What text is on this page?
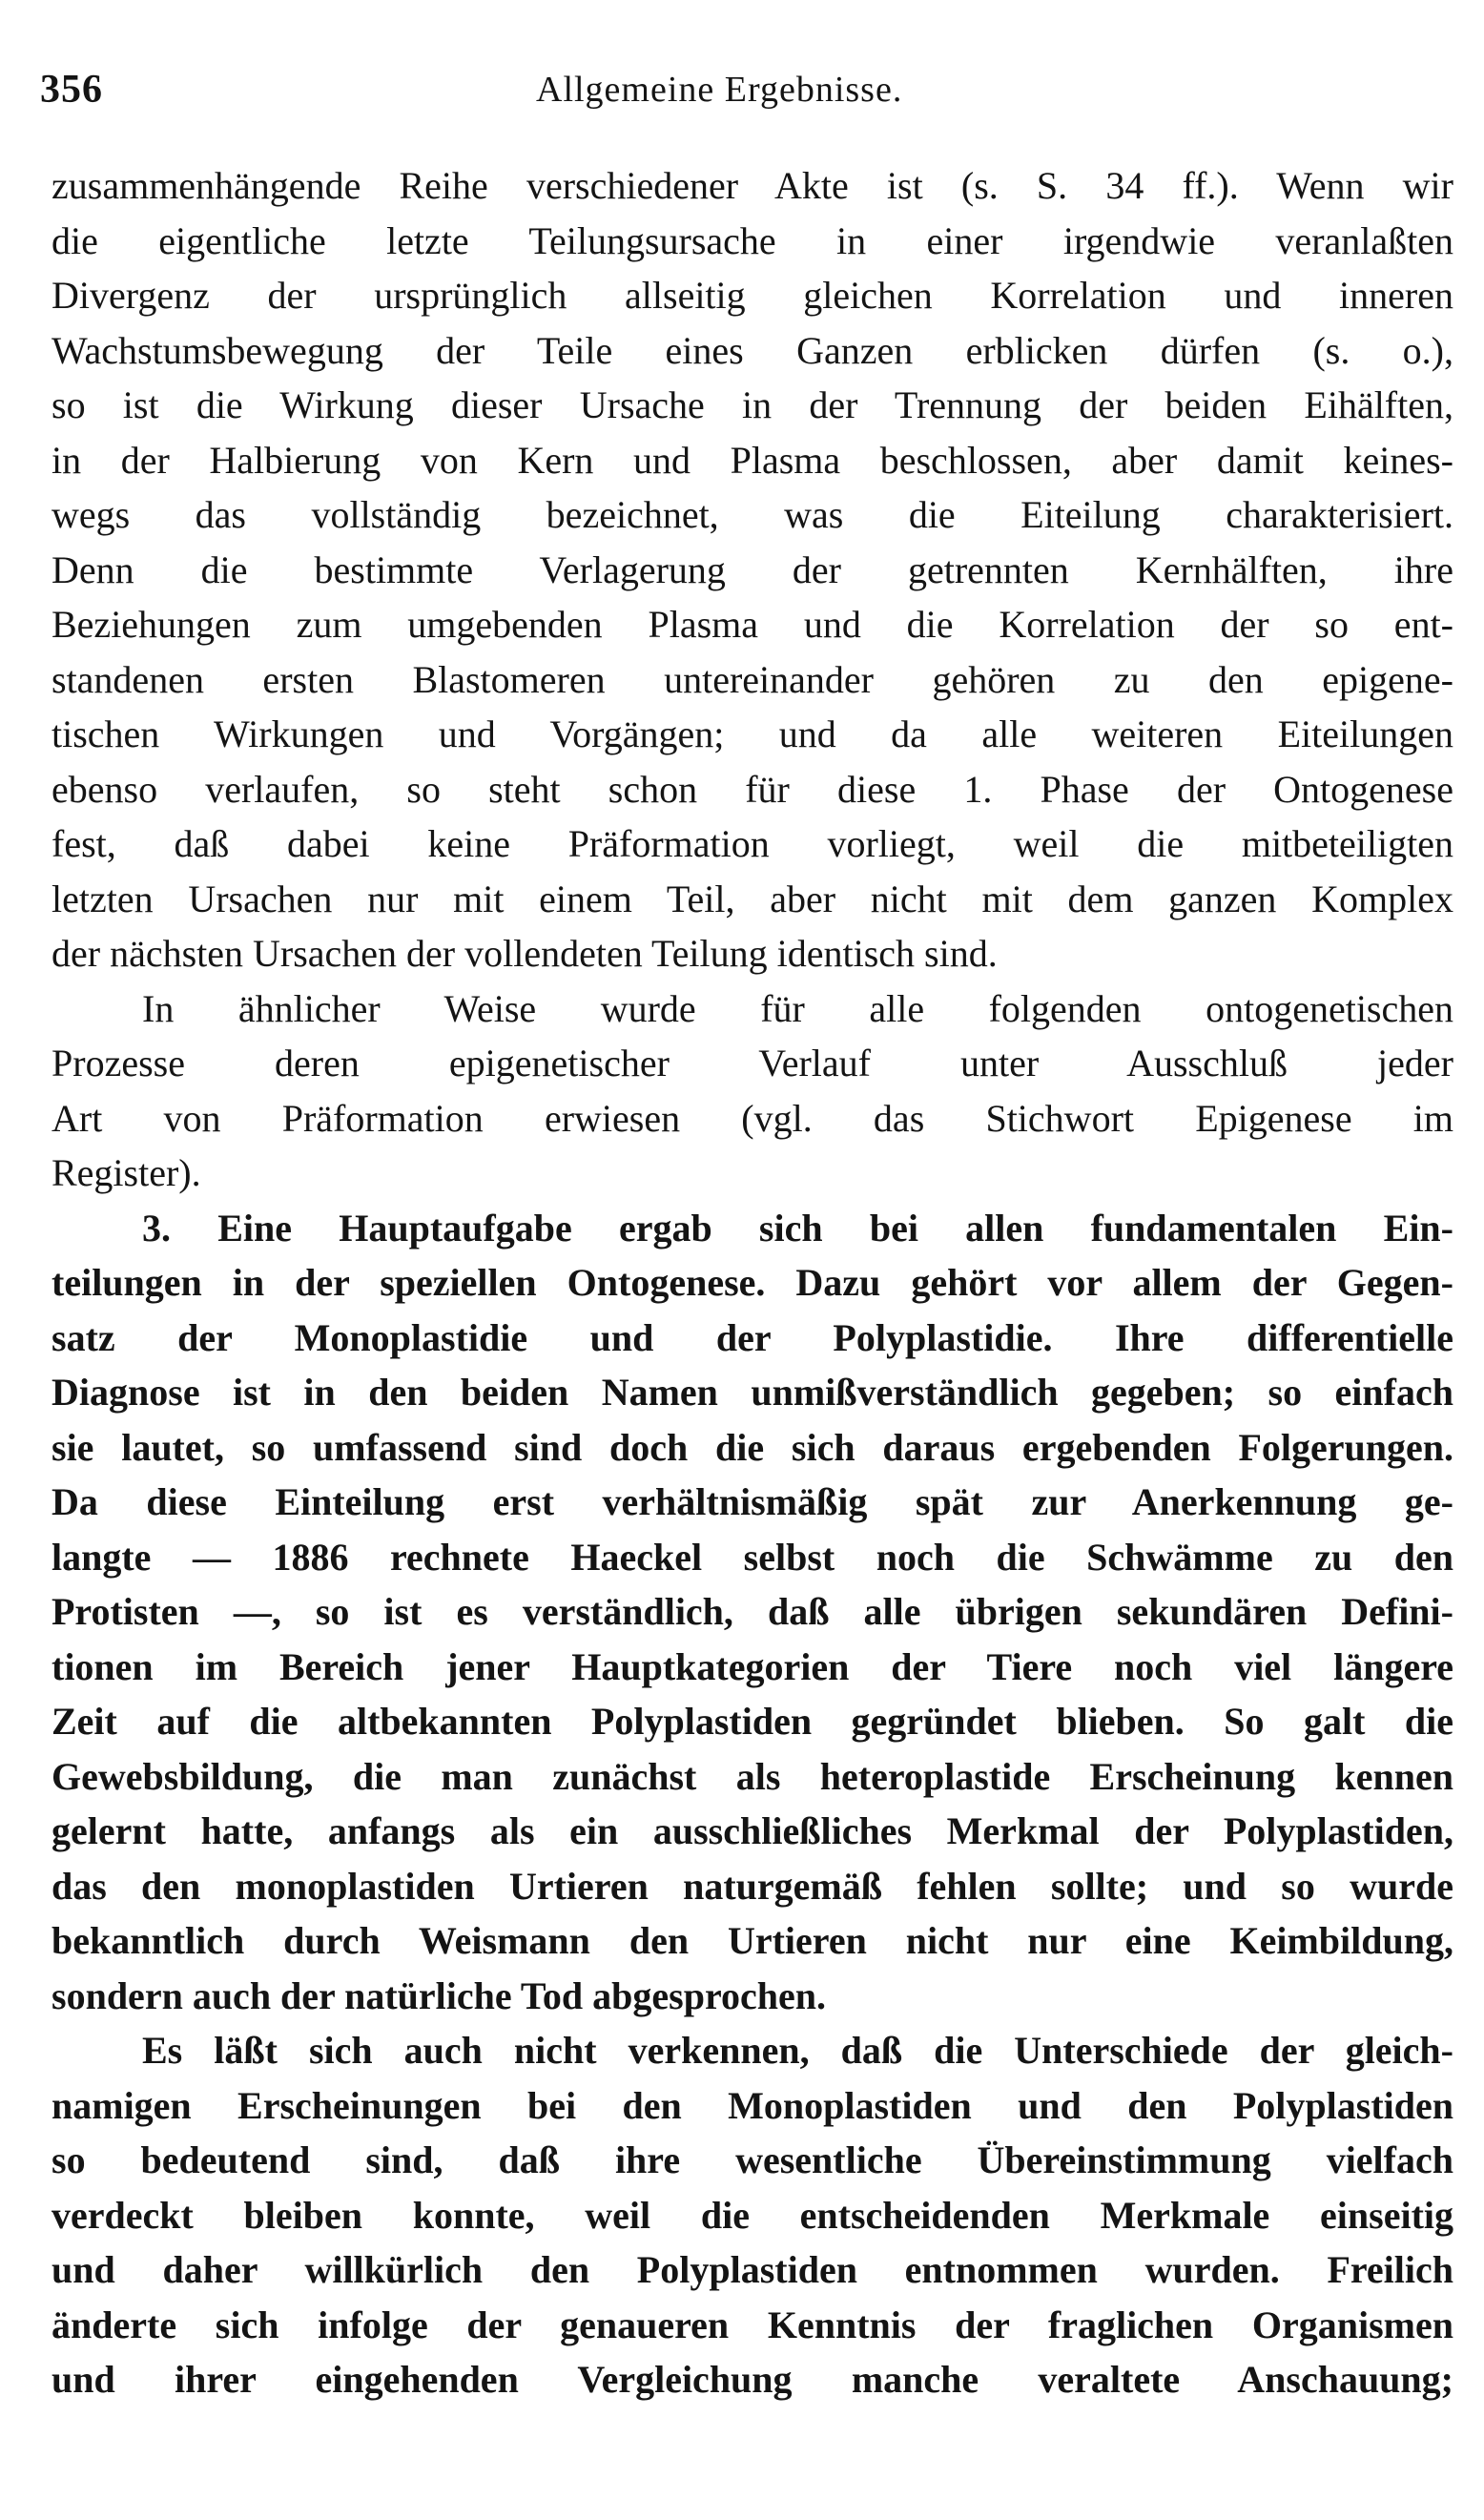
356	Allgemeine Ergebnisse.
zusammenhängende Reihe verschiedener Akte ist (s. S. 34 ff.). Wenn wir
die eigentliche letzte Teilungsursache in einer irgendwie veranlaßten
Divergenz der ursprünglich allseitig gleichen Korrelation und inneren
Wachstumsbewegung der Teile eines Ganzen erblicken dürfen (s. o.),
so ist die Wirkung dieser Ursache in der Trennung der beiden Eihälften,
in der Halbierung von Kern und Plasma beschlossen, aber damit keines-
wegs das vollständig bezeichnet, was die Eiteilung charakterisiert.
Denn die bestimmte Verlagerung der getrennten Kernhälften, ihre
Beziehungen zum umgebenden Plasma und die Korrelation der so ent-
standenen ersten Blastomeren untereinander gehören zu den epigene-
tischen Wirkungen und Vorgängen; und da alle weiteren Eiteilungen
ebenso verlaufen, so steht schon für diese 1. Phase der Ontogenese
fest, daß dabei keine Präformation vorliegt, weil die mitbeteiligten
letzten Ursachen nur mit einem Teil, aber nicht mit dem ganzen Komplex
der nächsten Ursachen der vollendeten Teilung identisch sind.
In ähnlicher Weise wurde für alle folgenden ontogenetischen
Prozesse deren epigenetischer Verlauf unter Ausschluß jeder
Art von Präformation erwiesen (vgl. das Stichwort Epigenese im
Register).
3. Eine Hauptaufgabe ergab sich bei allen fundamentalen Ein-
teilungen in der speziellen Ontogenese. Dazu gehört vor allem der Gegen-
satz der Monoplastidie und der Polyplastidie. Ihre differentielle
Diagnose ist in den beiden Namen unmißverständlich gegeben; so einfach
sie lautet, so umfassend sind doch die sich daraus ergebenden Folgerungen.
Da diese Einteilung erst verhältnismäßig spät zur Anerkennung ge-
langte — 1886 rechnete Haeckel selbst noch die Schwämme zu den
Protisten —, so ist es verständlich, daß alle übrigen sekundären Defini-
tionen im Bereich jener Hauptkategorien der Tiere noch viel längere
Zeit auf die altbekannten Polyplastiden gegründet blieben. So galt die
Gewebsbildung, die man zunächst als heteroplastide Erscheinung kennen
gelernt hatte, anfangs als ein ausschließliches Merkmal der Polyplastiden,
das den monoplastiden Urtieren naturgemäß fehlen sollte; und so wurde
bekanntlich durch Weismann den Urtieren nicht nur eine Keimbildung,
sondern auch der natürliche Tod abgesprochen.
Es läßt sich auch nicht verkennen, daß die Unterschiede der gleich-
namigen Erscheinungen bei den Monoplastiden und den Polyplastiden
so bedeutend sind, daß ihre wesentliche Übereinstimmung vielfach
verdeckt bleiben konnte, weil die entscheidenden Merkmale einseitig
und daher willkürlich den Polyplastiden entnommen wurden. Freilich
änderte sich infolge der genaueren Kenntnis der fraglichen Organismen
und ihrer eingehenden Vergleichung manche veraltete Anschauung;
